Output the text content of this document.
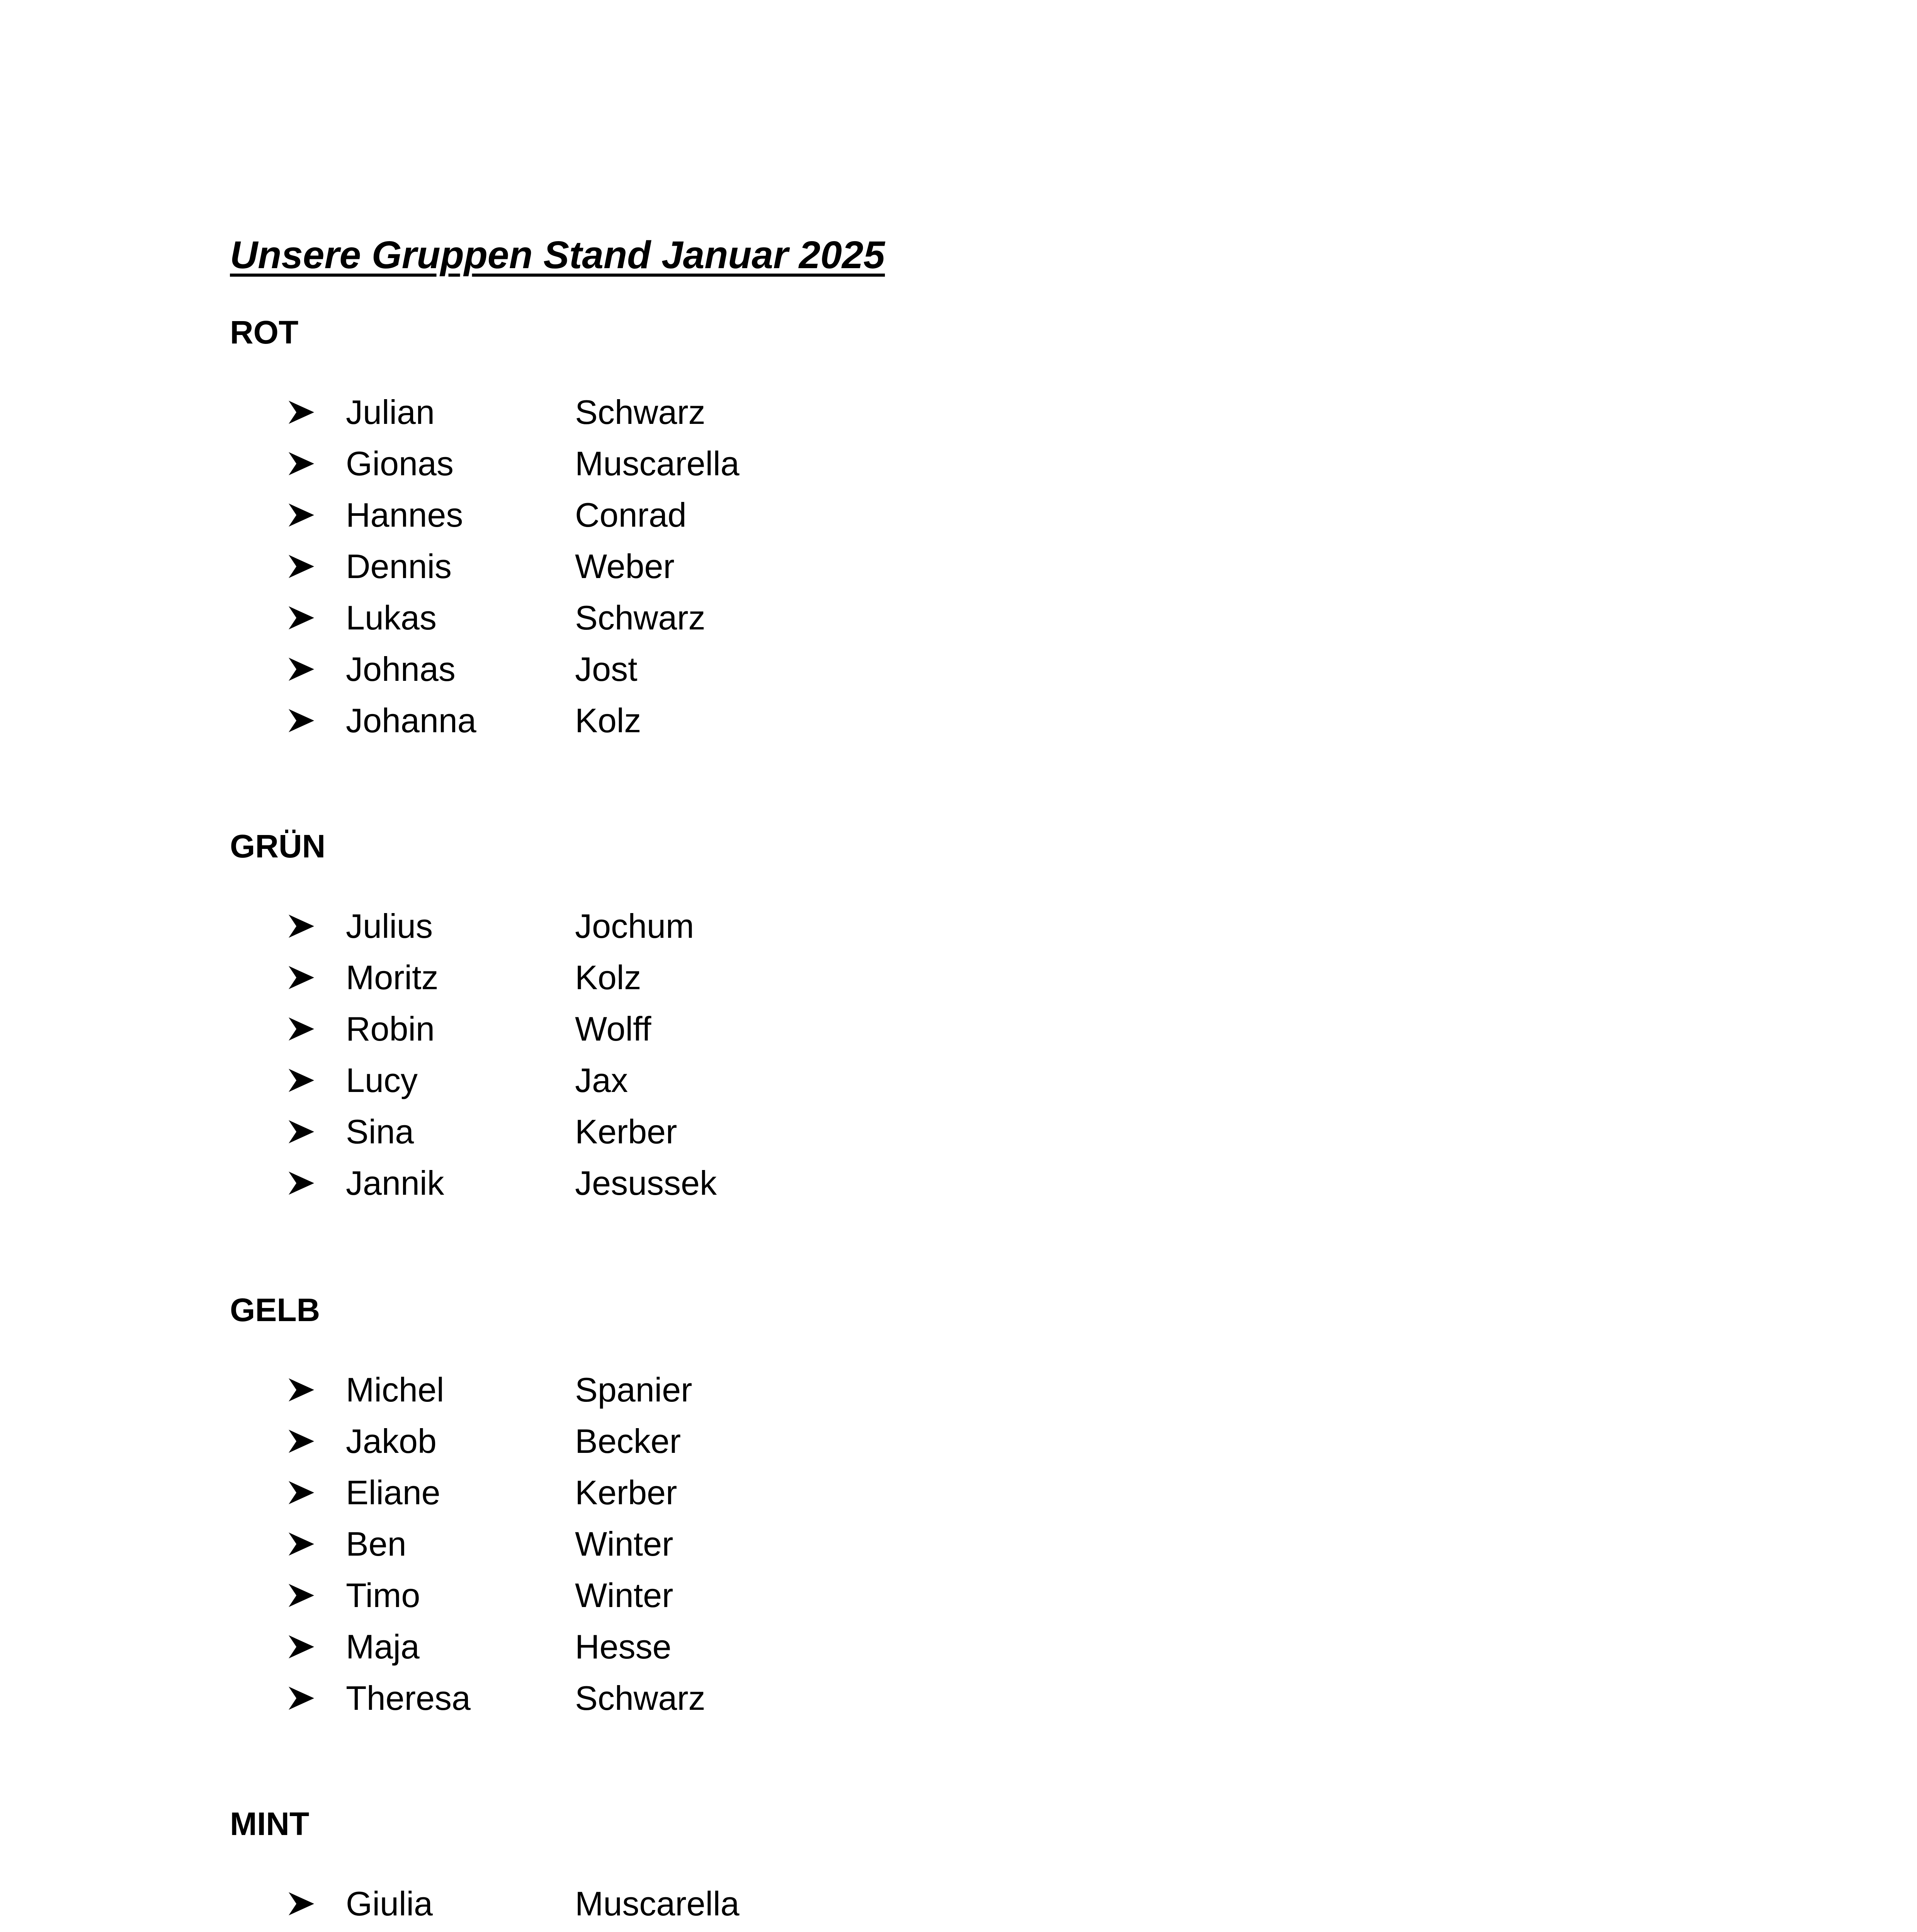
Unsere Gruppen Stand Januar 2025
ROT
Julian	Schwarz
Gionas	Muscarella
Hannes	Conrad
Dennis	Weber
Lukas	Schwarz
Johnas	Jost
Johanna	Kolz
GRÜN
Julius	Jochum
Moritz	Kolz
Robin	Wolff
Lucy	Jax
Sina	Kerber
Jannik	Jesussek
GELB
Michel	Spanier
Jakob	Becker
Eliane	Kerber
Ben	Winter
Timo	Winter
Maja	Hesse
Theresa	Schwarz
MINT
Giulia	Muscarella
